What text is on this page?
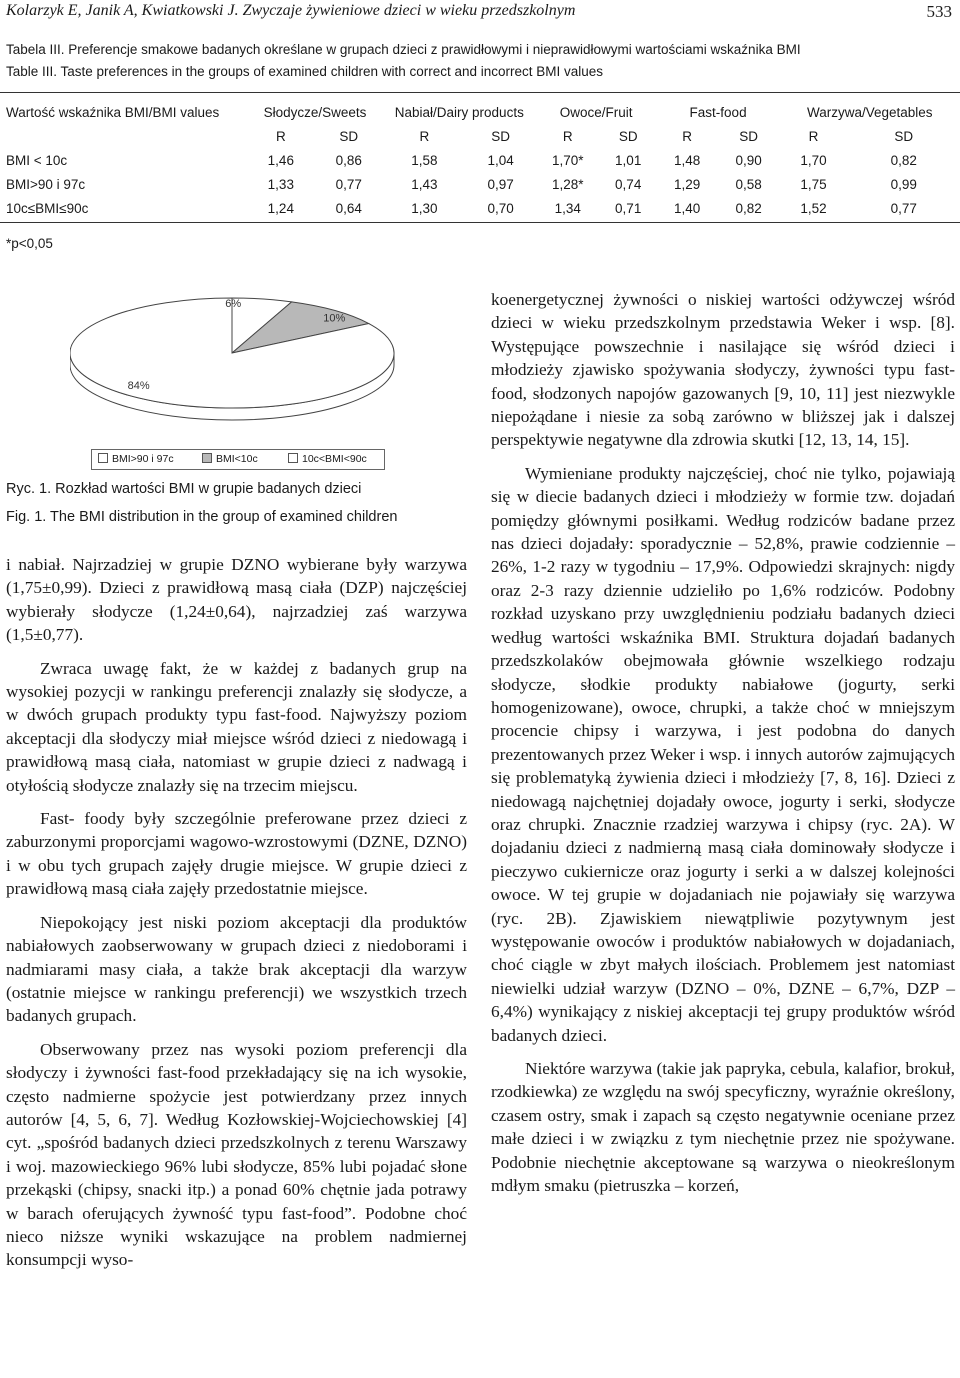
Kolarzyk E, Janik A, Kwiatkowski J. Zwyczaje żywieniowe dzieci w wieku przedszkolnym	533
Tabela III. Preferencje smakowe badanych określane w grupach dzieci z prawidłowymi i nieprawidłowymi wartościami wskaźnika BMI
Table III. Taste preferences in the groups of examined children with correct and incorrect BMI values
Wartość wskaźnika BMI/BMI values	Słodycze/Sweets		Nabiał/Dairy products		Owoce/Fruit		Fast-food		Warzywa/Vegetables	
	R	SD	R	SD	R	SD	R	SD	R	SD
BMI < 10c	1,46	0,86	1,58	1,04	1,70*	1,01	1,48	0,90	1,70	0,82
BMI>90 i 97c	1,33	0,77	1,43	0,97	1,28*	0,74	1,29	0,58	1,75	0,99
10c≤BMI≤90c	1,24	0,64	1,30	0,70	1,34	0,71	1,40	0,82	1,52	0,77
*p<0,05
6%
10%
84%
BMI>90 i 97c	BMI<10c	10c<BMI<90c
Ryc. 1. Rozkład wartości BMI w grupie badanych dzieci
Fig. 1. The BMI distribution in the group of examined children

i nabiał. Najrzadziej w grupie DZNO wybierane były warzywa (1,75±0,99). Dzieci z prawidłową masą ciała (DZP) najczęściej wybierały słodycze (1,24±0,64), najrzadziej zaś warzywa (1,5±0,77).

Zwraca uwagę fakt, że w każdej z badanych grup na wysokiej pozycji w rankingu preferencji znalazły się słodycze, a w dwóch grupach produkty typu fast-food. Najwyższy poziom akceptacji dla słodyczy miał miejsce wśród dzieci z niedowagą i prawidłową masą ciała, natomiast w grupie dzieci z nadwagą i otyłością słodycze znalazły się na trzecim miejscu.

Fast- foody były szczególnie preferowane przez dzieci z zaburzonymi proporcjami wagowo-wzrostowymi (DZNE, DZNO) i w obu tych grupach zajęły drugie miejsce. W grupie dzieci z prawidłową masą ciała zajęły przedostatnie miejsce.

Niepokojący jest niski poziom akceptacji dla produktów nabiałowych zaobserwowany w grupach dzieci z niedoborami i nadmiarami masy ciała, a także brak akceptacji dla warzyw (ostatnie miejsce w rankingu preferencji) we wszystkich trzech badanych grupach.

Obserwowany przez nas wysoki poziom preferencji dla słodyczy i żywności fast-food przekładający się na ich wysokie, często nadmierne spożycie jest potwierdzany przez innych autorów [4, 5, 6, 7]. Według Kozłowskiej-Wojciechowskiej [4] cyt. „spośród badanych dzieci przedszkolnych z terenu Warszawy i woj. mazowieckiego 96% lubi słodycze, 85% lubi pojadać słone przekąski (chipsy, snacki itp.) a ponad 60% chętnie jada potrawy w barach oferujących żywność typu fast-food”. Podobne choć nieco niższe wyniki wskazujące na problem nadmiernej konsumpcji wyso-

koenergetycznej żywności o niskiej wartości odżywczej wśród dzieci w wieku przedszkolnym przedstawia Weker i wsp. [8]. Występujące powszechnie i nasilające się wśród dzieci i młodzieży zjawisko spożywania słodyczy, żywności typu fast-food, słodzonych napojów gazowanych [9, 10, 11] jest niezwykle niepożądane i niesie za sobą zarówno w bliższej jak i dalszej perspektywie negatywne dla zdrowia skutki [12, 13, 14, 15].

Wymieniane produkty najczęściej, choć nie tylko, pojawiają się w diecie badanych dzieci i młodzieży w formie tzw. dojadań pomiędzy głównymi posiłkami. Według rodziców badane przez nas dzieci dojadały: sporadycznie – 52,8%, prawie codziennie – 26%, 1-2 razy w tygodniu – 17,9%. Odpowiedzi skrajnych: nigdy oraz 2-3 razy dziennie udzieliło po 1,6% rodziców. Podobny rozkład uzyskano przy uwzględnieniu podziału badanych dzieci według wartości wskaźnika BMI. Struktura dojadań badanych przedszkolaków obejmowała głównie wszelkiego rodzaju słodycze, słodkie produkty nabiałowe (jogurty, serki homogenizowane), owoce, chrupki, a także choć w mniejszym procencie chipsy i warzywa, i jest podobna do danych prezentowanych przez Weker i wsp. i innych autorów zajmujących się problematyką żywienia dzieci i młodzieży [7, 8, 16]. Dzieci z niedowagą najchętniej dojadały owoce, jogurty i serki, słodycze oraz chrupki. Znacznie rzadziej warzywa i chipsy (ryc. 2A). W dojadaniu dzieci z nadmierną masą ciała dominowały słodycze i pieczywo cukiernicze oraz jogurty i serki a w dalszej kolejności owoce. W tej grupie w dojadaniach nie pojawiały się warzywa (ryc. 2B). Zjawiskiem niewątpliwie pozytywnym jest występowanie owoców i produktów nabiałowych w dojadaniach, choć ciągle w zbyt małych ilościach. Problemem jest natomiast niewielki udział warzyw (DZNO – 0%, DZNE – 6,7%, DZP – 6,4%) wynikający z niskiej akceptacji tej grupy produktów wśród badanych dzieci.

Niektóre warzywa (takie jak papryka, cebula, kalafior, brokuł, rzodkiewka) ze względu na swój specyficzny, wyraźnie określony, czasem ostry, smak i zapach są często negatywnie oceniane przez małe dzieci i w związku z tym niechętnie przez nie spożywane. Podobnie niechętnie akceptowane są warzywa o nieokreślonym mdłym smaku (pietruszka – korzeń,
